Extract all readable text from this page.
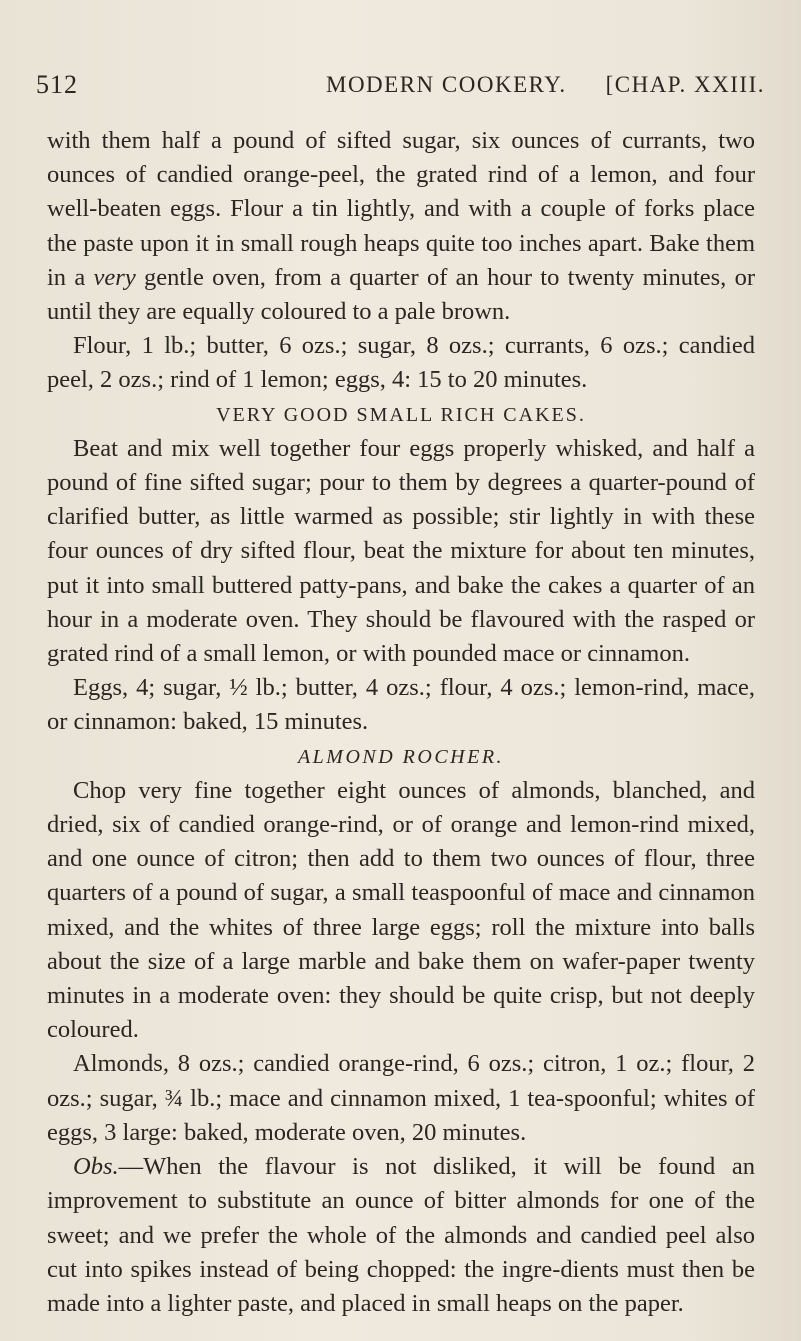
512	MODERN COOKERY. [CHAP. XXIII.

with them half a pound of sifted sugar, six ounces of currants, two ounces of candied orange-peel, the grated rind of a lemon, and four well-beaten eggs. Flour a tin lightly, and with a couple of forks place the paste upon it in small rough heaps quite too inches apart. Bake them in a very gentle oven, from a quarter of an hour to twenty minutes, or until they are equally coloured to a pale brown.

Flour, 1 lb.; butter, 6 ozs.; sugar, 8 ozs.; currants, 6 ozs.; candied peel, 2 ozs.; rind of 1 lemon; eggs, 4: 15 to 20 minutes.

VERY GOOD SMALL RICH CAKES.

Beat and mix well together four eggs properly whisked, and half a pound of fine sifted sugar; pour to them by degrees a quarter-pound of clarified butter, as little warmed as possible; stir lightly in with these four ounces of dry sifted flour, beat the mixture for about ten minutes, put it into small buttered patty-pans, and bake the cakes a quarter of an hour in a moderate oven. They should be flavoured with the rasped or grated rind of a small lemon, or with pounded mace or cinnamon.

Eggs, 4; sugar, ½ lb.; butter, 4 ozs.; flour, 4 ozs.; lemon-rind, mace, or cinnamon: baked, 15 minutes.

ALMOND ROCHER.

Chop very fine together eight ounces of almonds, blanched, and dried, six of candied orange-rind, or of orange and lemon-rind mixed, and one ounce of citron; then add to them two ounces of flour, three quarters of a pound of sugar, a small teaspoonful of mace and cinnamon mixed, and the whites of three large eggs; roll the mixture into balls about the size of a large marble and bake them on wafer-paper twenty minutes in a moderate oven: they should be quite crisp, but not deeply coloured.

Almonds, 8 ozs.; candied orange-rind, 6 ozs.; citron, 1 oz.; flour, 2 ozs.; sugar, ¾ lb.; mace and cinnamon mixed, 1 tea-spoonful; whites of eggs, 3 large: baked, moderate oven, 20 minutes.

Obs.—When the flavour is not disliked, it will be found an improvement to substitute an ounce of bitter almonds for one of the sweet; and we prefer the whole of the almonds and candied peel also cut into spikes instead of being chopped: the ingre-dients must then be made into a lighter paste, and placed in small heaps on the paper.
